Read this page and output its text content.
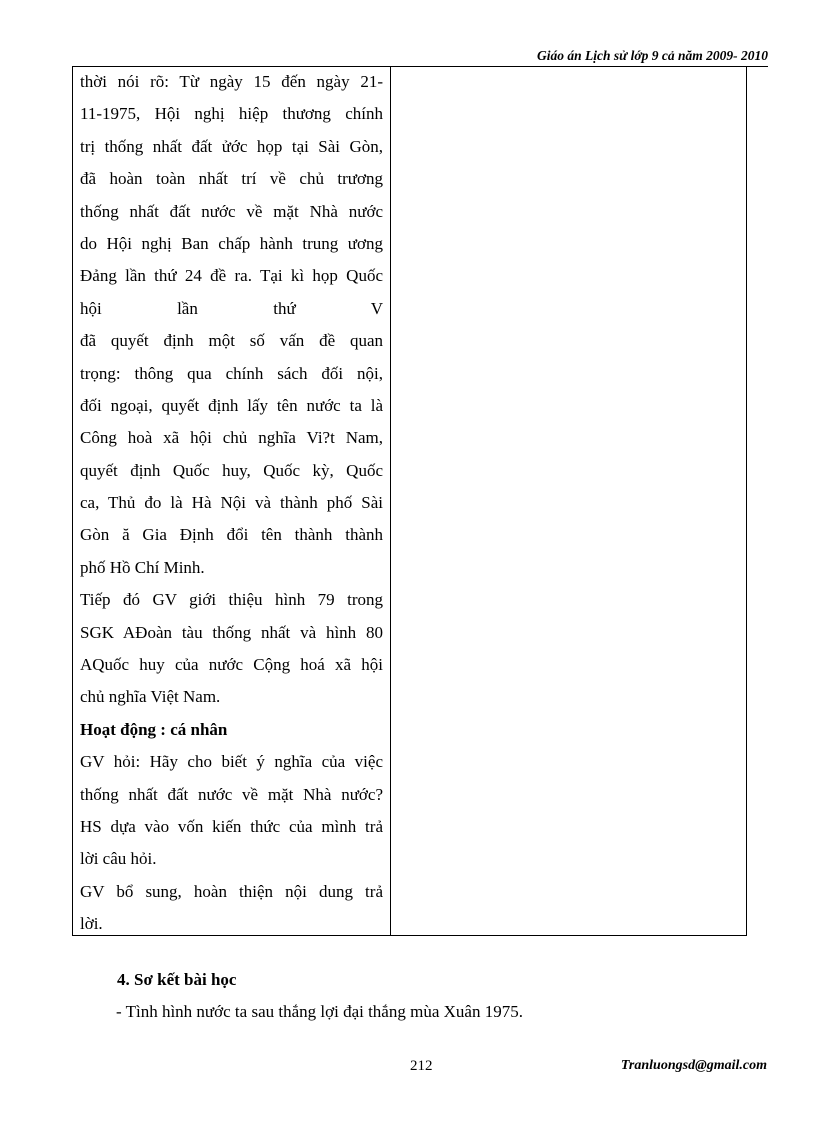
Giáo án Lịch sử lớp 9 cả năm 2009- 2010
thời nói rõ: Từ ngày 15 đến ngày 21-
11-1975, Hội nghị hiệp thương chính
trị thống nhất đất ửớc họp tại Sài Gòn,
đã hoàn toàn nhất trí về chủ trương
thống nhất đất nước về mặt Nhà nước
do Hội nghị Ban chấp hành trung ương
Đảng lần thứ 24 đề ra. Tại kì họp Quốc
hội lần thứ V
đã quyết định một số vấn đề quan
trọng: thông qua chính sách đối nội,
đối ngoại, quyết định lấy tên nước ta là
Công hoà xã hội chủ nghĩa Vi?t Nam,
quyết định Quốc huy, Quốc kỳ, Quốc
ca, Thủ đo là Hà Nội và thành phố Sài
Gòn ă Gia Định đổi tên thành thành
phố Hồ Chí Minh.
Tiếp đó GV giới thiệu hình 79 trong
SGK AĐoàn tàu thống nhất và hình 80
AQuốc huy của nước Cộng hoá xã hội
chủ nghĩa Việt Nam.
Hoạt động : cá nhân
GV hỏi: Hãy cho biết ý nghĩa của việc
thống nhất đất nước về mặt Nhà nước?
HS dựa vào vốn kiến thức của mình trả
lời câu hỏi.
GV bổ sung, hoàn thiện nội dung trả
lời.
4. Sơ kết bài học
- Tình hình nước ta sau thắng lợi đại thắng mùa Xuân 1975.
212	Tranluongsd@gmail.com
